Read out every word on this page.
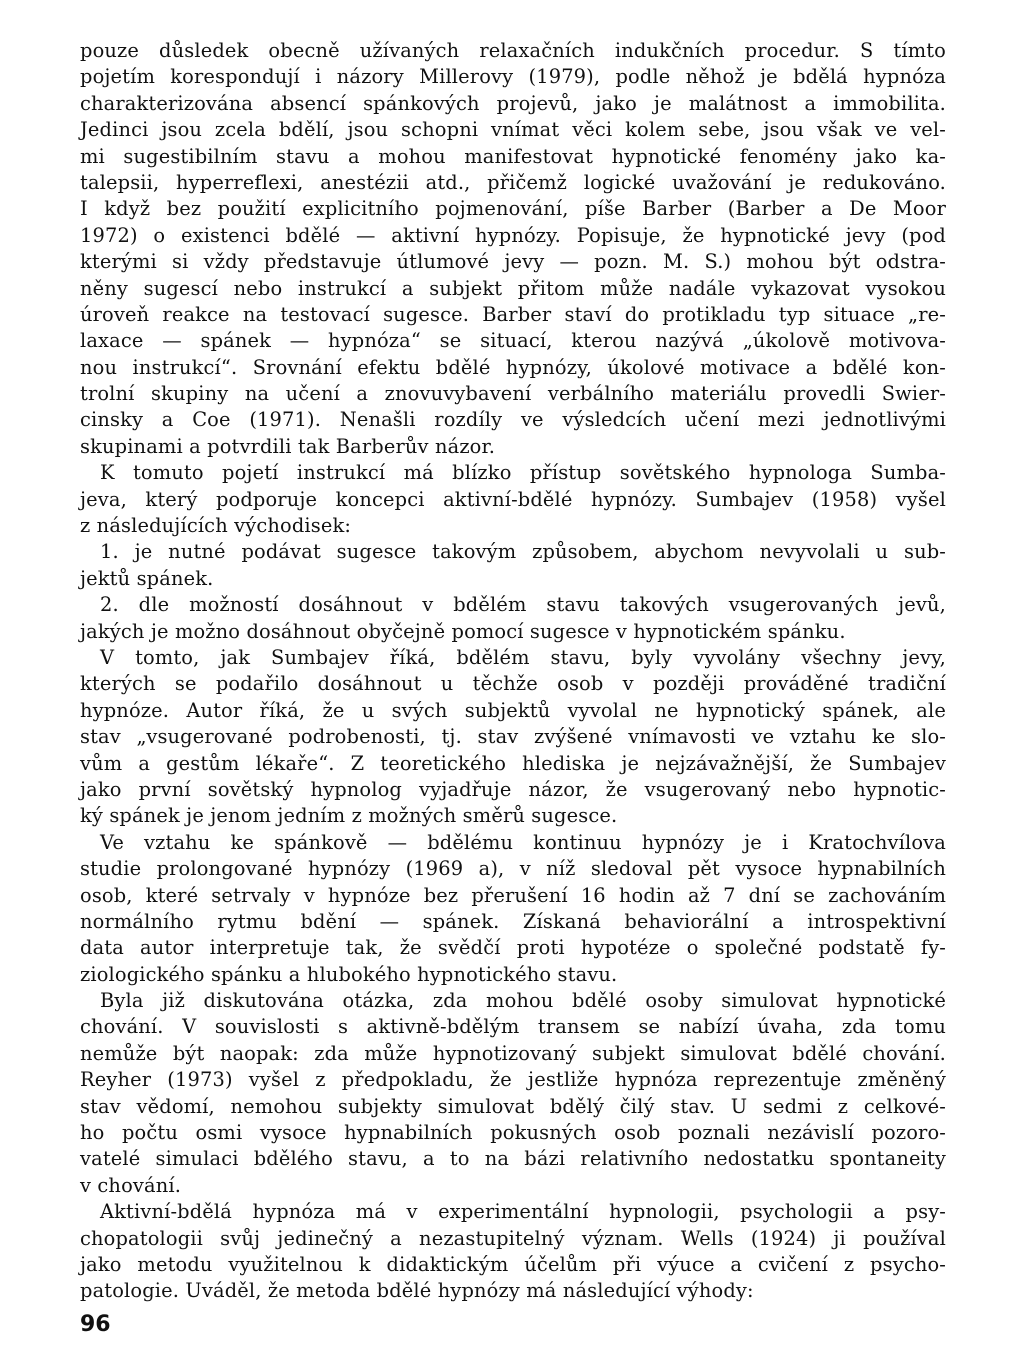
pouze důsledek obecně užívaných relaxačních indukčních procedur. S tímto
pojetím korespondují i názory Millerovy (1979), podle něhož je bdělá hypnóza
charakterizována absencí spánkových projevů, jako je malátnost a immobilita.
Jedinci jsou zcela bdělí, jsou schopni vnímat věci kolem sebe, jsou však ve vel-
mi sugestibilním stavu a mohou manifestovat hypnotické fenomény jako ka-
talepsii, hyperreflexi, anestézii atd., přičemž logické uvažování je redukováno.
I když bez použití explicitního pojmenování, píše Barber (Barber a De Moor
1972) o existenci bdělé — aktivní hypnózy. Popisuje, že hypnotické jevy (pod
kterými si vždy představuje útlumové jevy — pozn. M. S.) mohou být odstra-
něny sugescí nebo instrukcí a subjekt přitom může nadále vykazovat vysokou
úroveň reakce na testovací sugesce. Barber staví do protikladu typ situace „re-
laxace — spánek — hypnóza“ se situací, kterou nazývá „úkolově motivova-
nou instrukcí“. Srovnání efektu bdělé hypnózy, úkolové motivace a bdělé kon-
trolní skupiny na učení a znovuvybavení verbálního materiálu provedli Swier-
cinsky a Coe (1971). Nenašli rozdíly ve výsledcích učení mezi jednotlivými
skupinami a potvrdili tak Barberův názor.
K tomuto pojetí instrukcí má blízko přístup sovětského hypnologa Sumba-
jeva, který podporuje koncepci aktivní-bdělé hypnózy. Sumbajev (1958) vyšel
z následujících východisek:
1. je nutné podávat sugesce takovým způsobem, abychom nevyvolali u sub-
jektů spánek.
2. dle možností dosáhnout v bdělém stavu takových vsugerovaných jevů,
jakých je možno dosáhnout obyčejně pomocí sugesce v hypnotickém spánku.
V tomto, jak Sumbajev říká, bdělém stavu, byly vyvolány všechny jevy,
kterých se podařilo dosáhnout u těchže osob v později prováděné tradiční
hypnóze. Autor říká, že u svých subjektů vyvolal ne hypnotický spánek, ale
stav „vsugerované podrobenosti, tj. stav zvýšené vnímavosti ve vztahu ke slo-
vům a gestům lékaře“. Z teoretického hlediska je nejzávažnější, že Sumbajev
jako první sovětský hypnolog vyjadřuje názor, že vsugerovaný nebo hypnotic-
ký spánek je jenom jedním z možných směrů sugesce.
Ve vztahu ke spánkově — bdělému kontinuu hypnózy je i Kratochvílova
studie prolongované hypnózy (1969 a), v níž sledoval pět vysoce hypnabilních
osob, které setrvaly v hypnóze bez přerušení 16 hodin až 7 dní se zachováním
normálního rytmu bdění — spánek. Získaná behaviorální a introspektivní
data autor interpretuje tak, že svědčí proti hypotéze o společné podstatě fy-
ziologického spánku a hlubokého hypnotického stavu.
Byla již diskutována otázka, zda mohou bdělé osoby simulovat hypnotické
chování. V souvislosti s aktivně-bdělým transem se nabízí úvaha, zda tomu
nemůže být naopak: zda může hypnotizovaný subjekt simulovat bdělé chování.
Reyher (1973) vyšel z předpokladu, že jestliže hypnóza reprezentuje změněný
stav vědomí, nemohou subjekty simulovat bdělý čilý stav. U sedmi z celkové-
ho počtu osmi vysoce hypnabilních pokusných osob poznali nezávislí pozoro-
vatelé simulaci bdělého stavu, a to na bázi relativního nedostatku spontaneity
v chování.
Aktivní-bdělá hypnóza má v experimentální hypnologii, psychologii a psy-
chopatologii svůj jedinečný a nezastupitelný význam. Wells (1924) ji používal
jako metodu využitelnou k didaktickým účelům při výuce a cvičení z psycho-
patologie. Uváděl, že metoda bdělé hypnózy má následující výhody:
96
